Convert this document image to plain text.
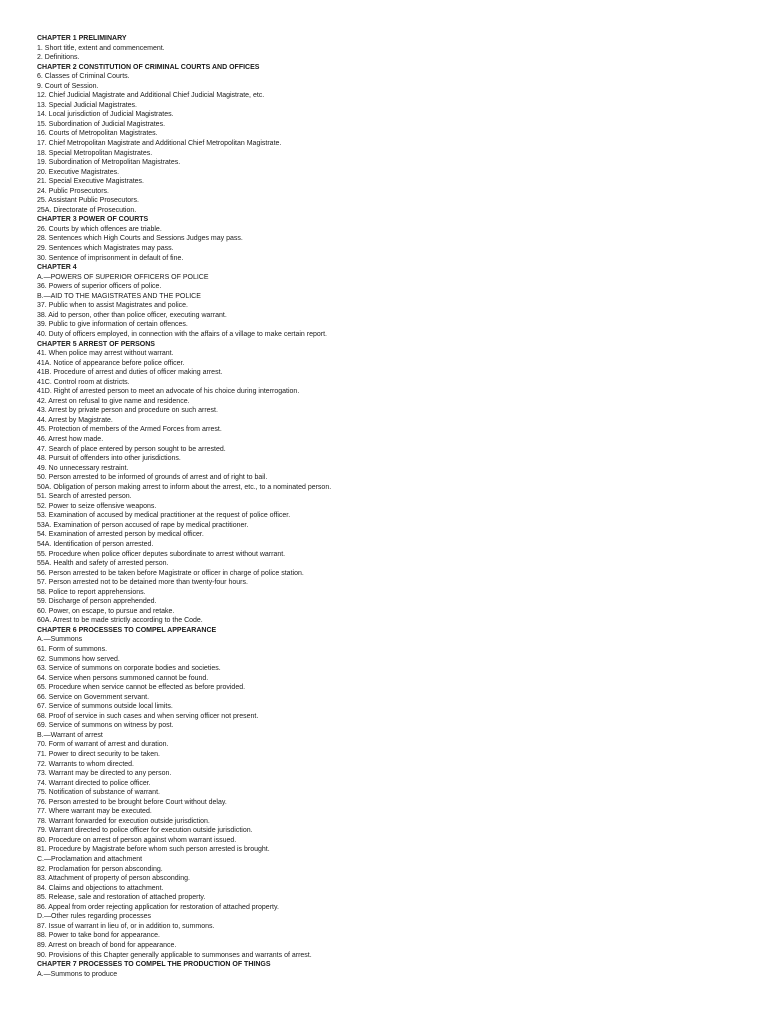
CHAPTER 1 PRELIMINARY
1. Short title, extent and commencement.
2. Definitions.
CHAPTER 2 CONSTITUTION OF CRIMINAL COURTS AND OFFICES
6. Classes of Criminal Courts.
9. Court of Session.
12. Chief Judicial Magistrate and Additional Chief Judicial Magistrate, etc.
13. Special Judicial Magistrates.
14. Local jurisdiction of Judicial Magistrates.
15. Subordination of Judicial Magistrates.
16. Courts of Metropolitan Magistrates.
17. Chief Metropolitan Magistrate and Additional Chief Metropolitan Magistrate.
18. Special Metropolitan Magistrates.
19. Subordination of Metropolitan Magistrates.
20. Executive Magistrates.
21. Special Executive Magistrates.
24. Public Prosecutors.
25. Assistant Public Prosecutors.
25A. Directorate of Prosecution.
CHAPTER 3 POWER OF COURTS
26. Courts by which offences are triable.
28. Sentences which High Courts and Sessions Judges may pass.
29. Sentences which Magistrates may pass.
30. Sentence of imprisonment in default of fine.
CHAPTER 4
A.—POWERS OF SUPERIOR OFFICERS OF POLICE
36. Powers of superior officers of police.
B.—AID TO THE MAGISTRATES AND THE POLICE
37. Public when to assist Magistrates and police.
38. Aid to person, other than police officer, executing warrant.
39. Public to give information of certain offences.
40. Duty of officers employed, in connection with the affairs of a village to make certain report.
CHAPTER 5 ARREST OF PERSONS
41. When police may arrest without warrant.
41A. Notice of appearance before police officer.
41B. Procedure of arrest and duties of officer making arrest.
41C. Control room at districts.
41D. Right of arrested person to meet an advocate of his choice during interrogation.
42. Arrest on refusal to give name and residence.
43. Arrest by private person and procedure on such arrest.
44. Arrest by Magistrate.
45. Protection of members of the Armed Forces from arrest.
46. Arrest how made.
47. Search of place entered by person sought to be arrested.
48. Pursuit of offenders into other jurisdictions.
49. No unnecessary restraint.
50. Person arrested to be informed of grounds of arrest and of right to bail.
50A. Obligation of person making arrest to inform about the arrest, etc., to a nominated person.
51. Search of arrested person.
52. Power to seize offensive weapons.
53. Examination of accused by medical practitioner at the request of police officer.
53A. Examination of person accused of rape by medical practitioner.
54. Examination of arrested person by medical officer.
54A. Identification of person arrested.
55. Procedure when police officer deputes subordinate to arrest without warrant.
55A. Health and safety of arrested person.
56. Person arrested to be taken before Magistrate or officer in charge of police station.
57. Person arrested not to be detained more than twenty-four hours.
58. Police to report apprehensions.
59. Discharge of person apprehended.
60. Power, on escape, to pursue and retake.
60A. Arrest to be made strictly according to the Code.
CHAPTER 6 PROCESSES TO COMPEL APPEARANCE
A.—Summons
61. Form of summons.
62. Summons how served.
63. Service of summons on corporate bodies and societies.
64. Service when persons summoned cannot be found.
65. Procedure when service cannot be effected as before provided.
66. Service on Government servant.
67. Service of summons outside local limits.
68. Proof of service in such cases and when serving officer not present.
69. Service of summons on witness by post.
B.—Warrant of arrest
70. Form of warrant of arrest and duration.
71. Power to direct security to be taken.
72. Warrants to whom directed.
73. Warrant may be directed to any person.
74. Warrant directed to police officer.
75. Notification of substance of warrant.
76. Person arrested to be brought before Court without delay.
77. Where warrant may be executed.
78. Warrant forwarded for execution outside jurisdiction.
79. Warrant directed to police officer for execution outside jurisdiction.
80. Procedure on arrest of person against whom warrant issued.
81. Procedure by Magistrate before whom such person arrested is brought.
C.—Proclamation and attachment
82. Proclamation for person absconding.
83. Attachment of property of person absconding.
84. Claims and objections to attachment.
85. Release, sale and restoration of attached property.
86. Appeal from order rejecting application for restoration of attached property.
D.—Other rules regarding processes
87. Issue of warrant in lieu of, or in addition to, summons.
88. Power to take bond for appearance.
89. Arrest on breach of bond for appearance.
90. Provisions of this Chapter generally applicable to summonses and warrants of arrest.
CHAPTER 7 PROCESSES TO COMPEL THE PRODUCTION OF THINGS
A.—Summons to produce
